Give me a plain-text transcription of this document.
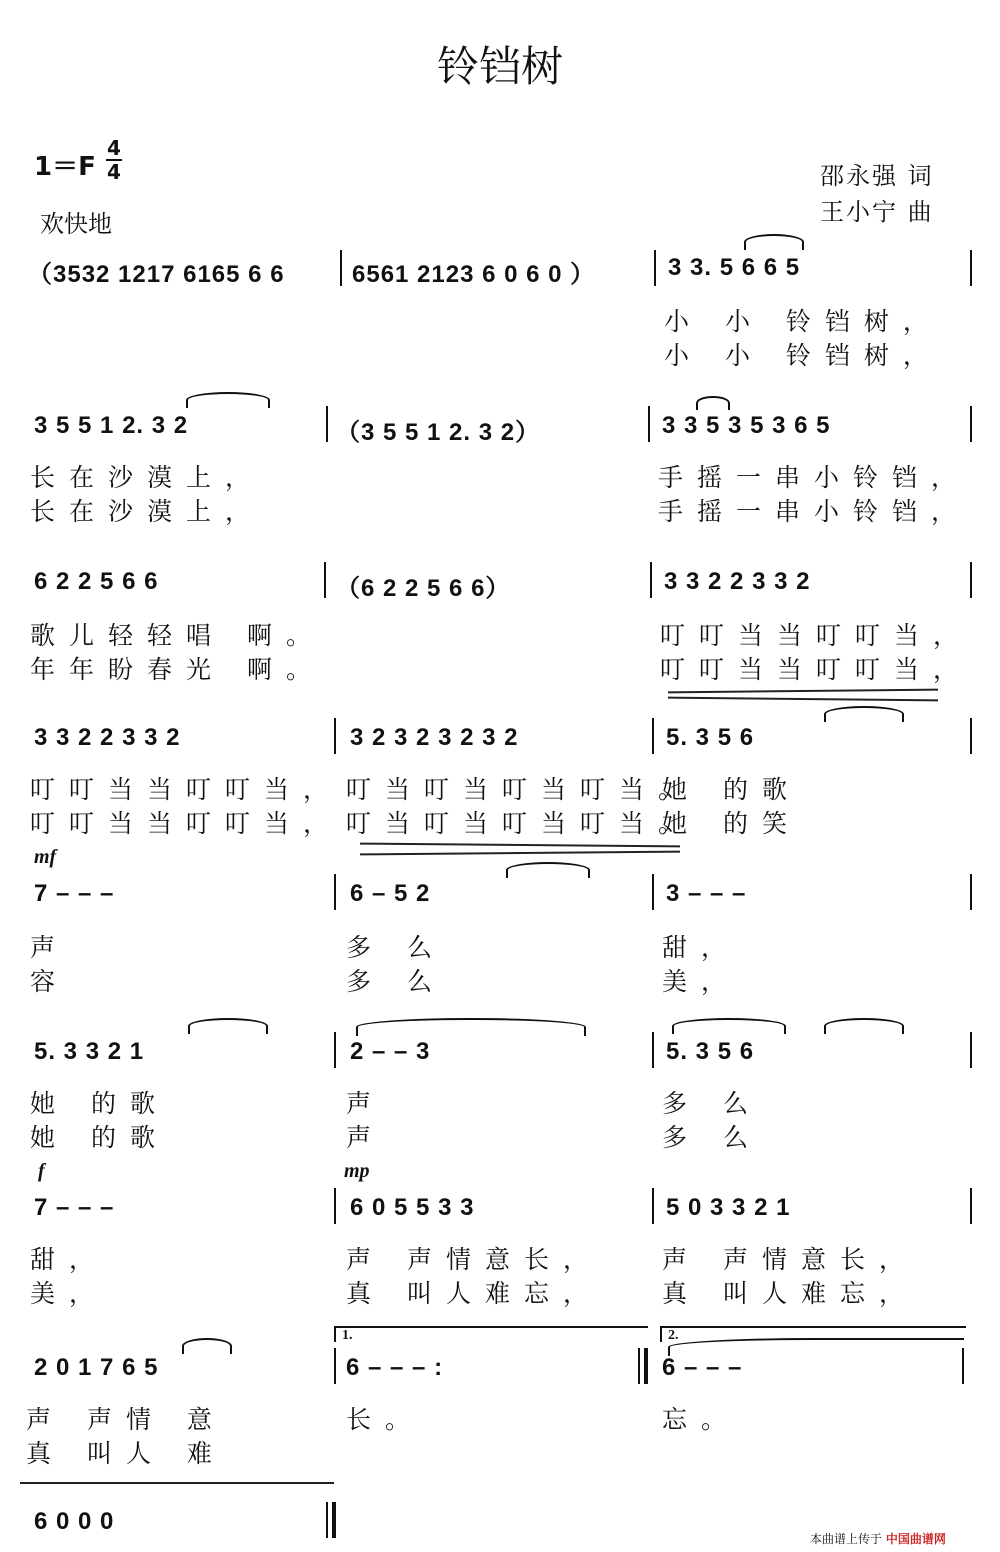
铃铛树
1＝F
4
4
欢快地
邵永强 词
王小宁 曲
（3532 1217 6165 6 6	6561 2123 6 0 6 0 ）	3 3. 5 6 6 5
小 小 铃铛树，
小 小 铃铛树，
3 5 5 1 2. 3 2	（3 5 5 1 2. 3 2）	3 3 5 3 5 3 6 5
长在沙漠上，	手摇一串小铃铛，
长在沙漠上，	手摇一串小铃铛，
6 2 2 5 6 6	（6 2 2 5 6 6）	3 3 2 2 3 3 2
歌儿轻轻唱 啊。	叮叮当当叮叮当，
年年盼春光 啊。	叮叮当当叮叮当，
3 3 2 2 3 3 2	3 2 3 2 3 2 3 2	5. 3 5 6
叮叮当当叮叮当， 叮当叮当叮当叮当。
她 的歌
叮叮当当叮叮当， 叮当叮当叮当叮当。
她 的笑
mf
7 – – –	6 – 5 2	3 – – –
声	多 么	甜，
容	多 么	美，
5. 3 3 2 1	2 – – 3	5. 3 5 6
她 的歌	声	多 么
她 的歌	声	多 么
f	mp
7 – – –	6 0 5 5 3 3	5 0 3 3 2 1
甜，	声 声情意长， 声 声情意长，
美，	真 叫人难忘， 真 叫人难忘，
1.	2.
2 0 1 7 6 5	6 – – – :	6 – – –
声 声情 意	长。	忘。
真 叫人 难
6 0 0 0
本曲谱上传于 中国曲谱网
